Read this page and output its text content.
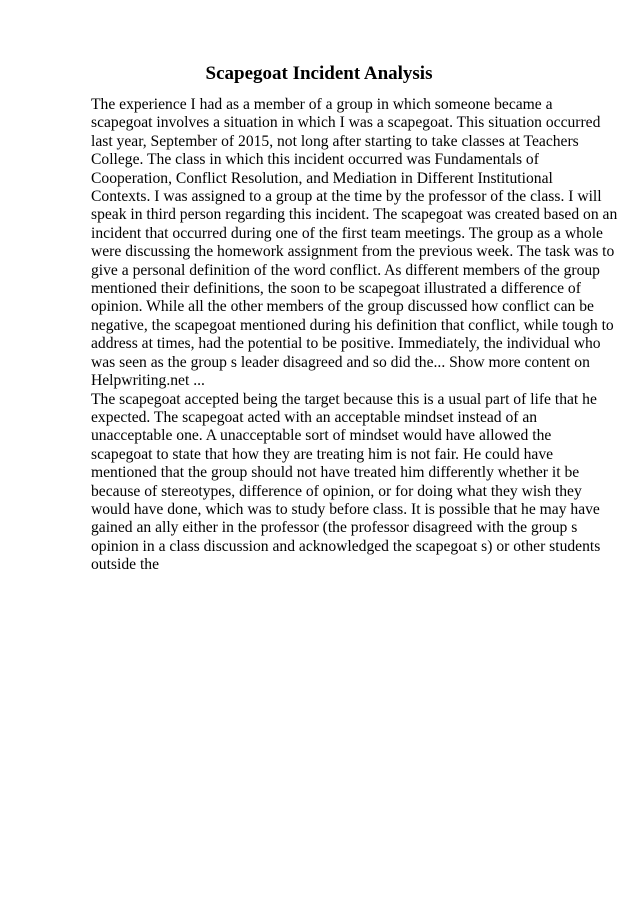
Scapegoat Incident Analysis

The experience I had as a member of a group in which someone became a
scapegoat involves a situation in which I was a scapegoat. This situation occurred
last year, September of 2015, not long after starting to take classes at Teachers
College. The class in which this incident occurred was Fundamentals of
Cooperation, Conflict Resolution, and Mediation in Different Institutional
Contexts. I was assigned to a group at the time by the professor of the class. I will
speak in third person regarding this incident. The scapegoat was created based on an
incident that occurred during one of the first team meetings. The group as a whole
were discussing the homework assignment from the previous week. The task was to
give a personal definition of the word conflict. As different members of the group
mentioned their definitions, the soon to be scapegoat illustrated a difference of
opinion. While all the other members of the group discussed how conflict can be
negative, the scapegoat mentioned during his definition that conflict, while tough to
address at times, had the potential to be positive. Immediately, the individual who
was seen as the group s leader disagreed and so did the... Show more content on
Helpwriting.net ...

The scapegoat accepted being the target because this is a usual part of life that he
expected. The scapegoat acted with an acceptable mindset instead of an
unacceptable one. A unacceptable sort of mindset would have allowed the
scapegoat to state that how they are treating him is not fair. He could have
mentioned that the group should not have treated him differently whether it be
because of stereotypes, difference of opinion, or for doing what they wish they
would have done, which was to study before class. It is possible that he may have
gained an ally either in the professor (the professor disagreed with the group s
opinion in a class discussion and acknowledged the scapegoat s) or other students
outside the
